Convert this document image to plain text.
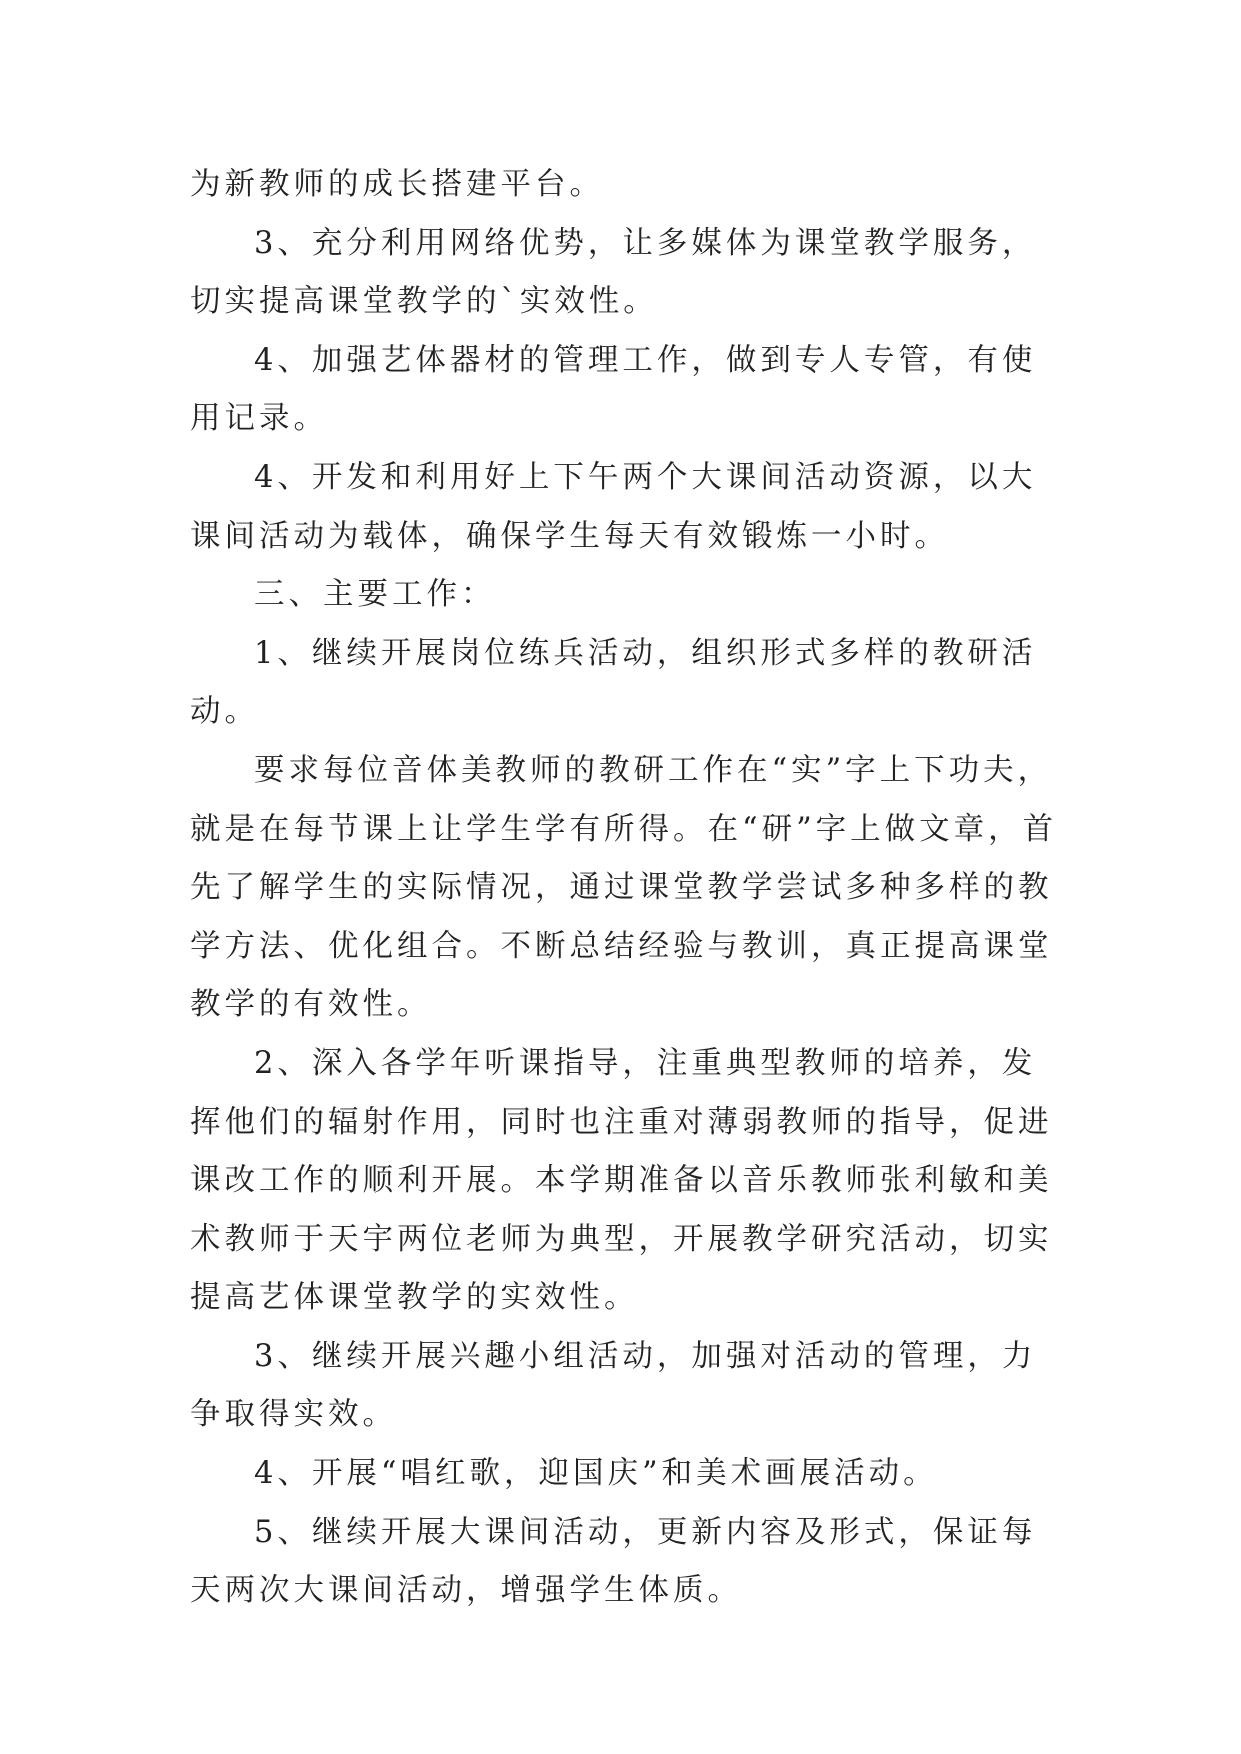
为新教师的成长搭建平台。

3、充分利用网络优势，让多媒体为课堂教学服务，切实提高课堂教学的`实效性。

4、加强艺体器材的管理工作，做到专人专管，有使用记录。

4、开发和利用好上下午两个大课间活动资源，以大课间活动为载体，确保学生每天有效锻炼一小时。

三、主要工作：

1、继续开展岗位练兵活动，组织形式多样的教研活动。

要求每位音体美教师的教研工作在“实”字上下功夫，就是在每节课上让学生学有所得。在“研”字上做文章，首先了解学生的实际情况，通过课堂教学尝试多种多样的教学方法、优化组合。不断总结经验与教训，真正提高课堂教学的有效性。

2、深入各学年听课指导，注重典型教师的培养，发挥他们的辐射作用，同时也注重对薄弱教师的指导，促进课改工作的顺利开展。本学期准备以音乐教师张利敏和美术教师于天宇两位老师为典型，开展教学研究活动，切实提高艺体课堂教学的实效性。

3、继续开展兴趣小组活动，加强对活动的管理，力争取得实效。

4、开展“唱红歌，迎国庆”和美术画展活动。

5、继续开展大课间活动，更新内容及形式，保证每天两次大课间活动，增强学生体质。
